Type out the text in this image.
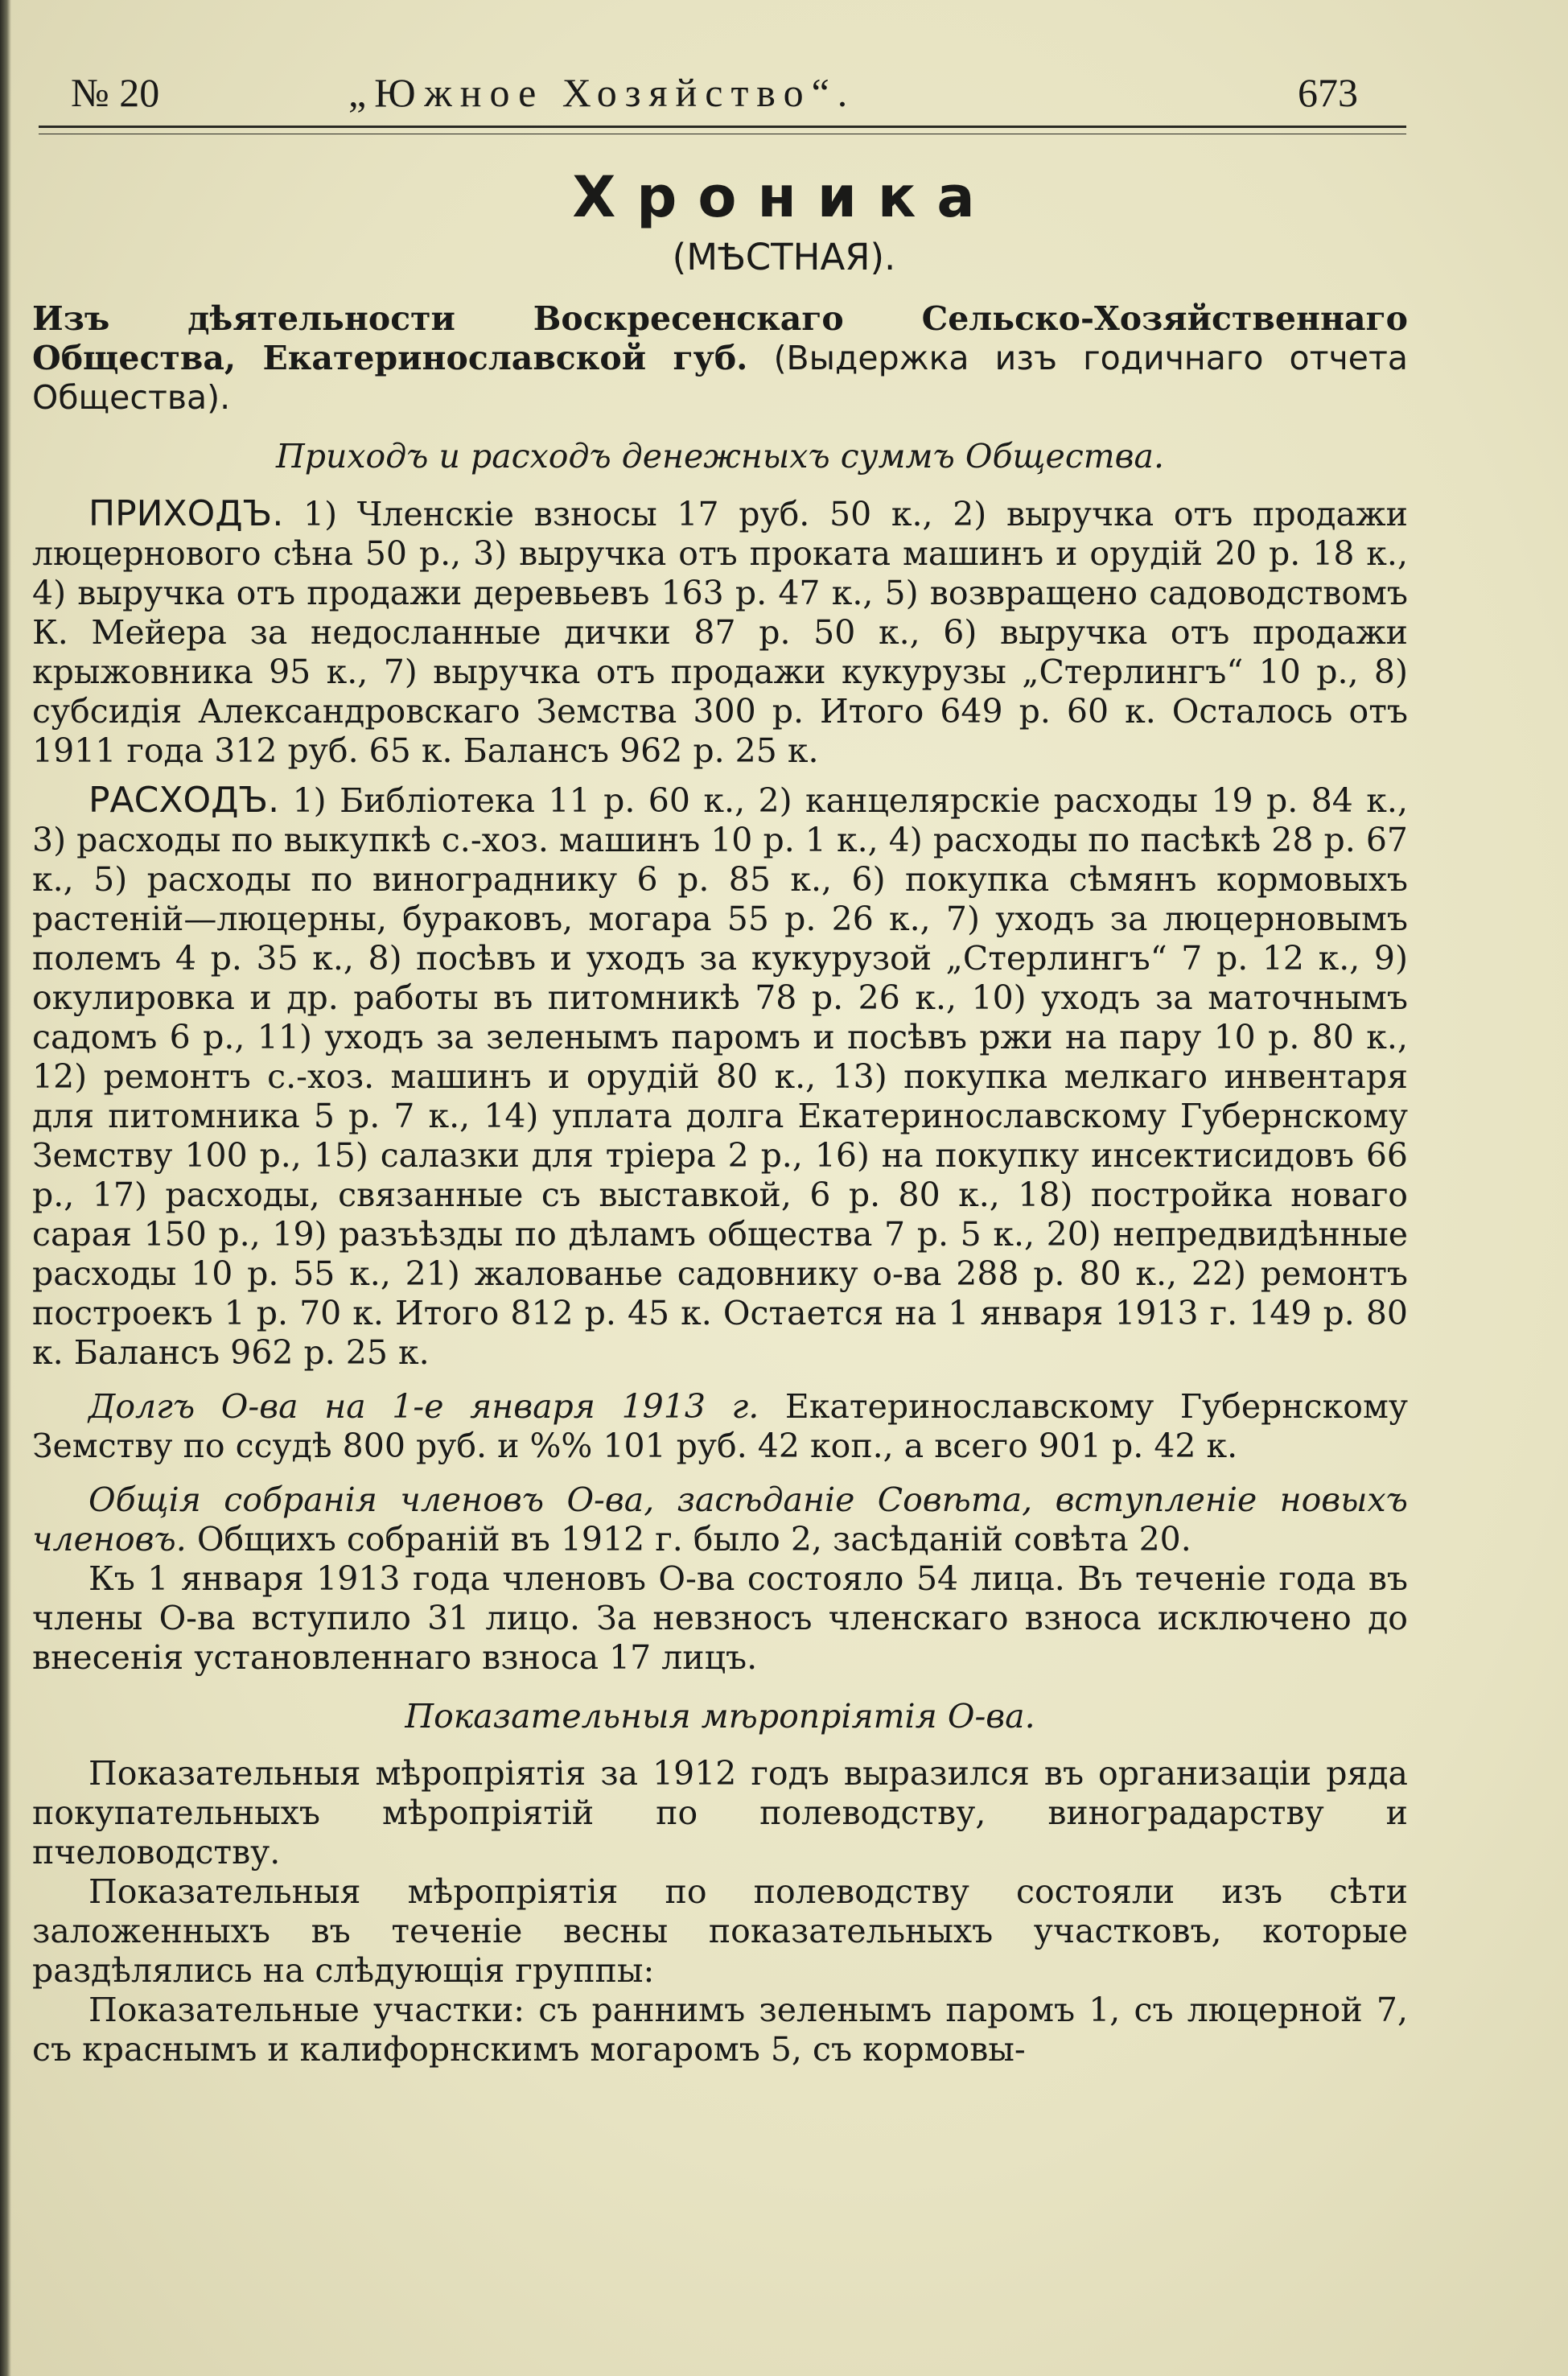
№ 20	„Южное Хозяйство“.	673
Хроника
(МѢСТНАЯ).

Изъ дѣятельности Воскресенскаго Сельско-Хозяйственнаго Общества, Екатеринославской губ. (Выдержка изъ годичнаго отчета Общества).

Приходъ и расходъ денежныхъ суммъ Общества.

ПРИХОДЪ. 1) Членскіе взносы 17 руб. 50 к., 2) выручка отъ продажи люцернового сѣна 50 р., 3) выручка отъ проката машинъ и орудій 20 р. 18 к., 4) выручка отъ продажи деревьевъ 163 р. 47 к., 5) возвращено садоводствомъ К. Мейера за недосланные дички 87 р. 50 к., 6) выручка отъ продажи крыжовника 95 к., 7) выручка отъ продажи кукурузы „Стерлингъ“ 10 р., 8) субсидія Александровскаго Земства 300 р. Итого 649 р. 60 к. Осталось отъ 1911 года 312 руб. 65 к. Балансъ 962 р. 25 к.

РАСХОДЪ. 1) Библіотека 11 р. 60 к., 2) канцелярскіе расходы 19 р. 84 к., 3) расходы по выкупкѣ с.-хоз. машинъ 10 р. 1 к., 4) расходы по пасѣкѣ 28 р. 67 к., 5) расходы по винограднику 6 р. 85 к., 6) покупка сѣмянъ кормовыхъ растеній—люцерны, бураковъ, могара 55 р. 26 к., 7) уходъ за люцерновымъ полемъ 4 р. 35 к., 8) посѣвъ и уходъ за кукурузой „Стерлингъ“ 7 р. 12 к., 9) окулировка и др. работы въ питомникѣ 78 р. 26 к., 10) уходъ за маточнымъ садомъ 6 р., 11) уходъ за зеленымъ паромъ и посѣвъ ржи на пару 10 р. 80 к., 12) ремонтъ с.-хоз. машинъ и орудій 80 к., 13) покупка мелкаго инвентаря для питомника 5 р. 7 к., 14) уплата долга Екатеринославскому Губернскому Земству 100 р., 15) салазки для тріера 2 р., 16) на покупку инсектисидовъ 66 р., 17) расходы, связанные съ выставкой, 6 р. 80 к., 18) постройка новаго сарая 150 р., 19) разъѣзды по дѣламъ общества 7 р. 5 к., 20) непредвидѣнные расходы 10 р. 55 к., 21) жалованье садовнику о-ва 288 р. 80 к., 22) ремонтъ построекъ 1 р. 70 к. Итого 812 р. 45 к. Остается на 1 января 1913 г. 149 р. 80 к. Балансъ 962 р. 25 к.

Долгъ О-ва на 1-е января 1913 г. Екатеринославскому Губернскому Земству по ссудѣ 800 руб. и %% 101 руб. 42 коп., а всего 901 р. 42 к.

Общія собранія членовъ О-ва, засѣданіе Совѣта, вступленіе новыхъ членовъ. Общихъ собраній въ 1912 г. было 2, засѣданій совѣта 20.

Къ 1 января 1913 года членовъ О-ва состояло 54 лица. Въ теченіе года въ члены О-ва вступило 31 лицо. За невзносъ членскаго взноса исключено до внесенія установленнаго взноса 17 лицъ.

Показательныя мѣропріятія О-ва.

Показательныя мѣропріятія за 1912 годъ выразился въ организаціи ряда покупательныхъ мѣропріятій по полеводству, виноградарству и пчеловодству.

Показательныя мѣропріятія по полеводству состояли изъ сѣти заложенныхъ въ теченіе весны показательныхъ участковъ, которые раздѣлялись на слѣдующія группы:

Показательные участки: съ раннимъ зеленымъ паромъ 1, съ люцерной 7, съ краснымъ и калифорнскимъ могаромъ 5, съ кормовы-
